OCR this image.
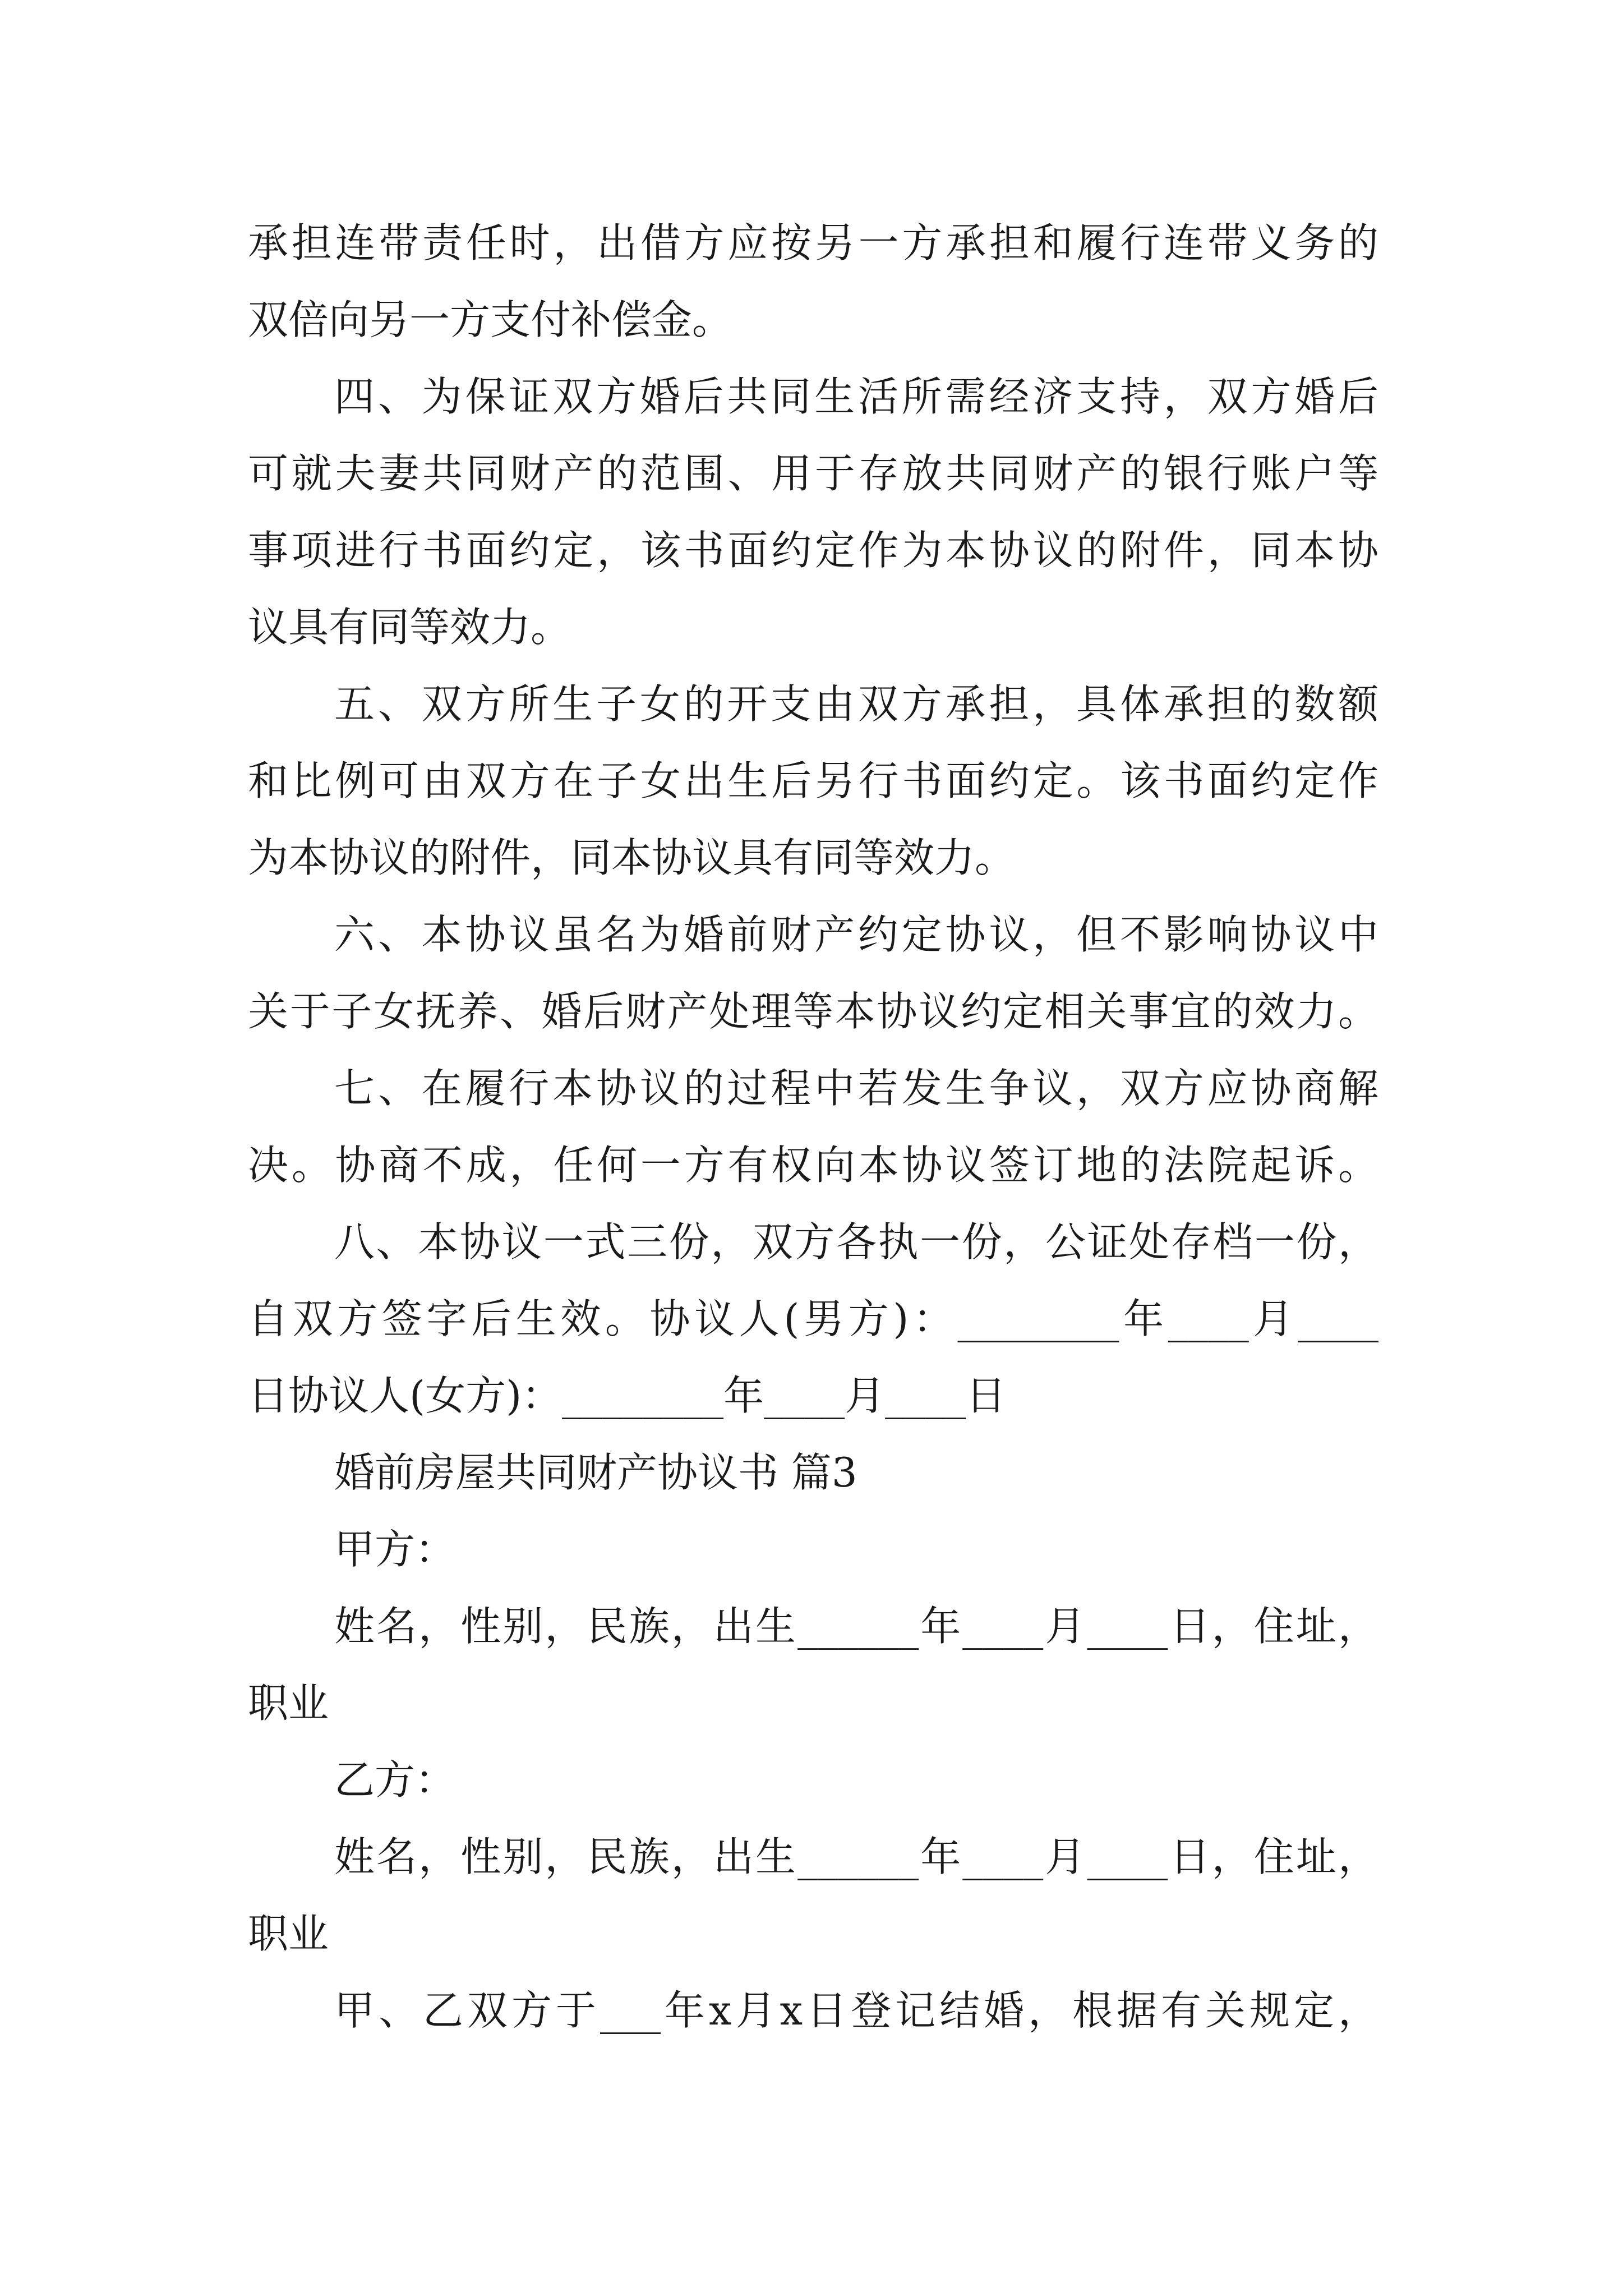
承担连带责任时，出借方应按另一方承担和履行连带义务的

双倍向另一方支付补偿金。

四、为保证双方婚后共同生活所需经济支持，双方婚后

可就夫妻共同财产的范围、用于存放共同财产的银行账户等

事项进行书面约定，该书面约定作为本协议的附件，同本协

议具有同等效力。

五、双方所生子女的开支由双方承担，具体承担的数额

和比例可由双方在子女出生后另行书面约定。该书面约定作

为本协议的附件，同本协议具有同等效力。

六、本协议虽名为婚前财产约定协议，但不影响协议中

关于子女抚养、婚后财产处理等本协议约定相关事宜的效力。

七、在履行本协议的过程中若发生争议，双方应协商解

决。协商不成，任何一方有权向本协议签订地的法院起诉。

八、本协议一式三份，双方各执一份，公证处存档一份，

自双方签字后生效。协议人(男方)：________年____月____

日协议人(女方)：________年____月____日

婚前房屋共同财产协议书 篇3

甲方：

姓名，性别，民族，出生______年____月____日，住址，

职业

乙方：

姓名，性别，民族，出生______年____月____日，住址，

职业

甲、乙双方于___年x月x日登记结婚，根据有关规定，
